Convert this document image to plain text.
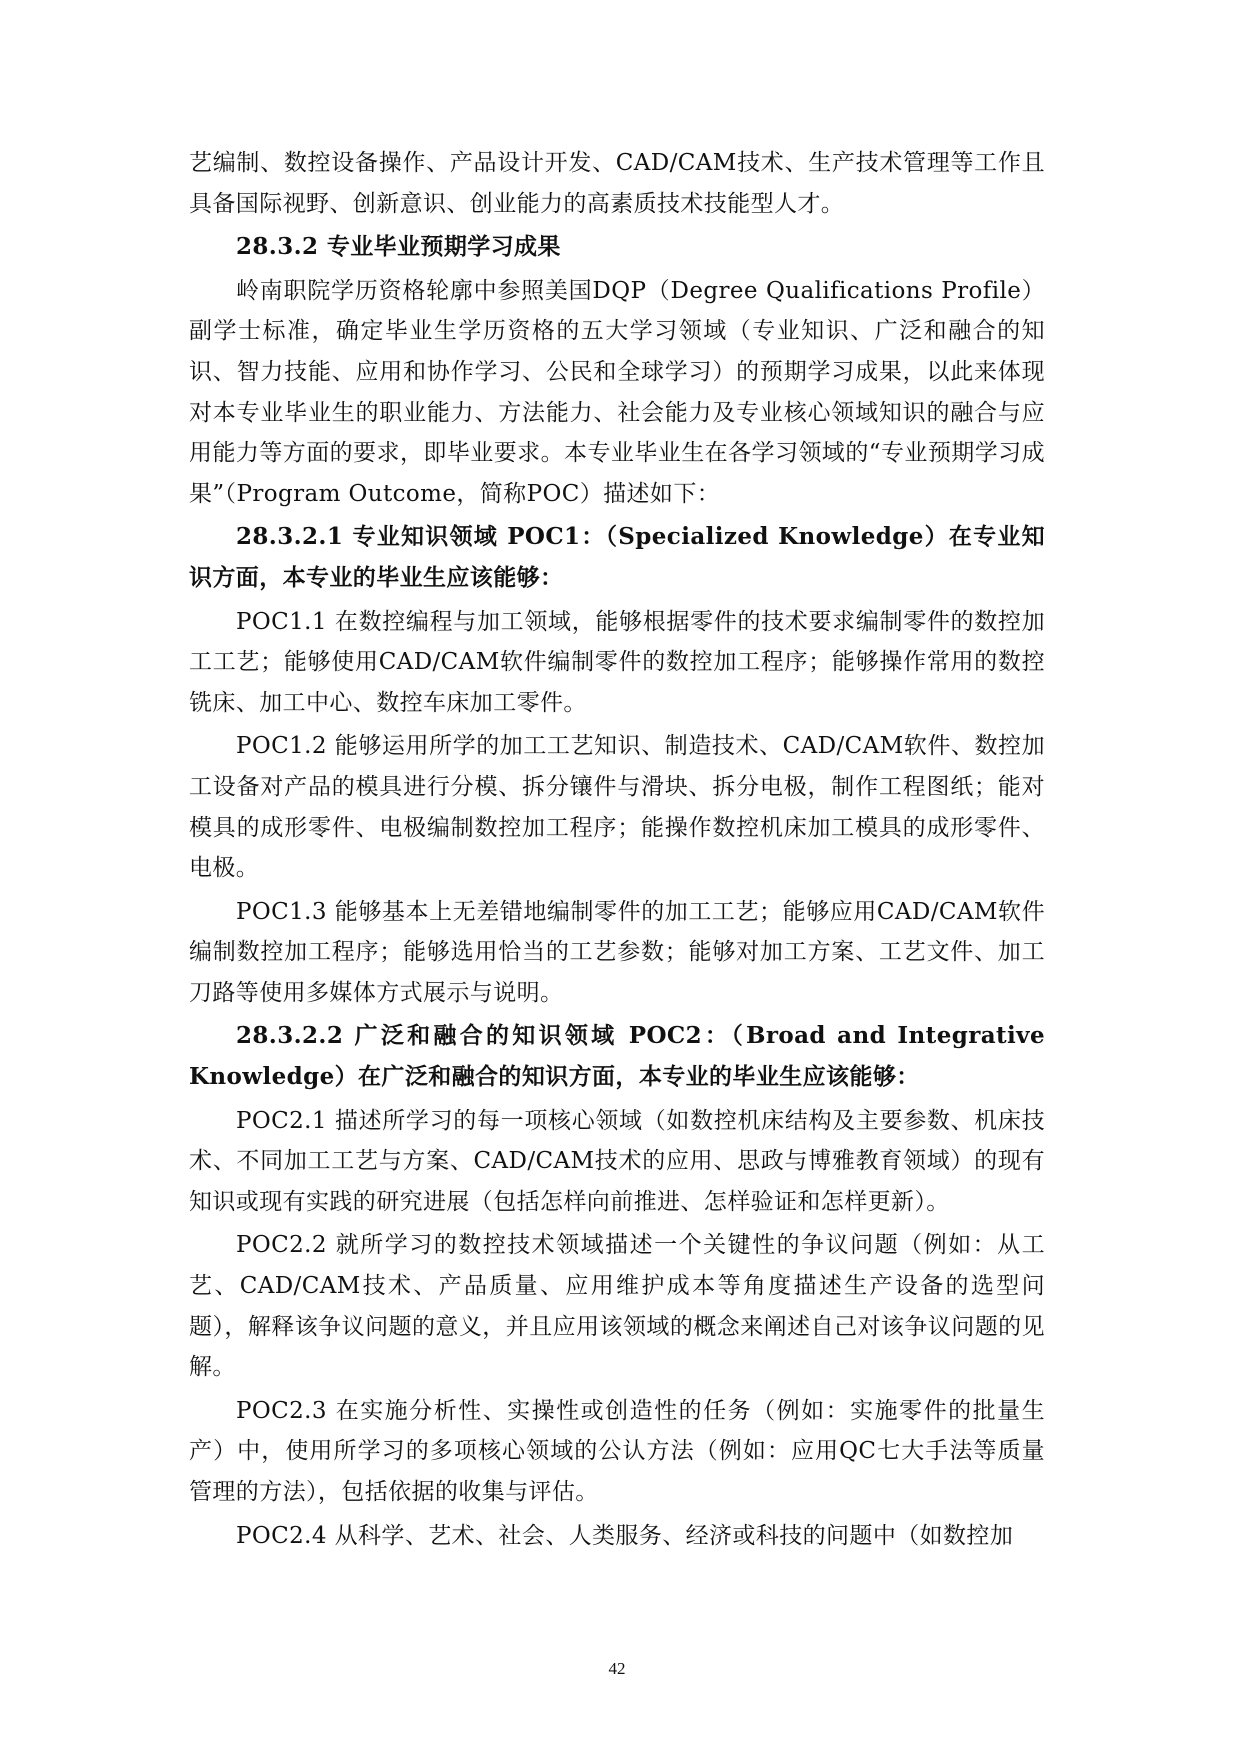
艺编制、数控设备操作、产品设计开发、CAD/CAM技术、生产技术管理等工作且具备国际视野、创新意识、创业能力的高素质技术技能型人才。

28.3.2 专业毕业预期学习成果

岭南职院学历资格轮廓中参照美国DQP（Degree Qualifications Profile）副学士标准，确定毕业生学历资格的五大学习领域（专业知识、广泛和融合的知识、智力技能、应用和协作学习、公民和全球学习）的预期学习成果，以此来体现对本专业毕业生的职业能力、方法能力、社会能力及专业核心领域知识的融合与应用能力等方面的要求，即毕业要求。本专业毕业生在各学习领域的“专业预期学习成果”（Program Outcome，简称POC）描述如下：

28.3.2.1 专业知识领域 POC1：（Specialized Knowledge）在专业知识方面，本专业的毕业生应该能够：

POC1.1 在数控编程与加工领域，能够根据零件的技术要求编制零件的数控加工工艺；能够使用CAD/CAM软件编制零件的数控加工程序；能够操作常用的数控铣床、加工中心、数控车床加工零件。

POC1.2 能够运用所学的加工工艺知识、制造技术、CAD/CAM软件、数控加工设备对产品的模具进行分模、拆分镶件与滑块、拆分电极，制作工程图纸；能对模具的成形零件、电极编制数控加工程序；能操作数控机床加工模具的成形零件、电极。

POC1.3 能够基本上无差错地编制零件的加工工艺；能够应用CAD/CAM软件编制数控加工程序；能够选用恰当的工艺参数；能够对加工方案、工艺文件、加工刀路等使用多媒体方式展示与说明。

28.3.2.2 广泛和融合的知识领域 POC2：（Broad and Integrative Knowledge）在广泛和融合的知识方面，本专业的毕业生应该能够：

POC2.1 描述所学习的每一项核心领域（如数控机床结构及主要参数、机床技术、不同加工工艺与方案、CAD/CAM技术的应用、思政与博雅教育领域）的现有知识或现有实践的研究进展（包括怎样向前推进、怎样验证和怎样更新）。

POC2.2 就所学习的数控技术领域描述一个关键性的争议问题（例如：从工艺、CAD/CAM技术、产品质量、应用维护成本等角度描述生产设备的选型问题），解释该争议问题的意义，并且应用该领域的概念来阐述自己对该争议问题的见解。

POC2.3 在实施分析性、实操性或创造性的任务（例如：实施零件的批量生产）中，使用所学习的多项核心领域的公认方法（例如：应用QC七大手法等质量管理的方法），包括依据的收集与评估。

POC2.4 从科学、艺术、社会、人类服务、经济或科技的问题中（如数控加

42
